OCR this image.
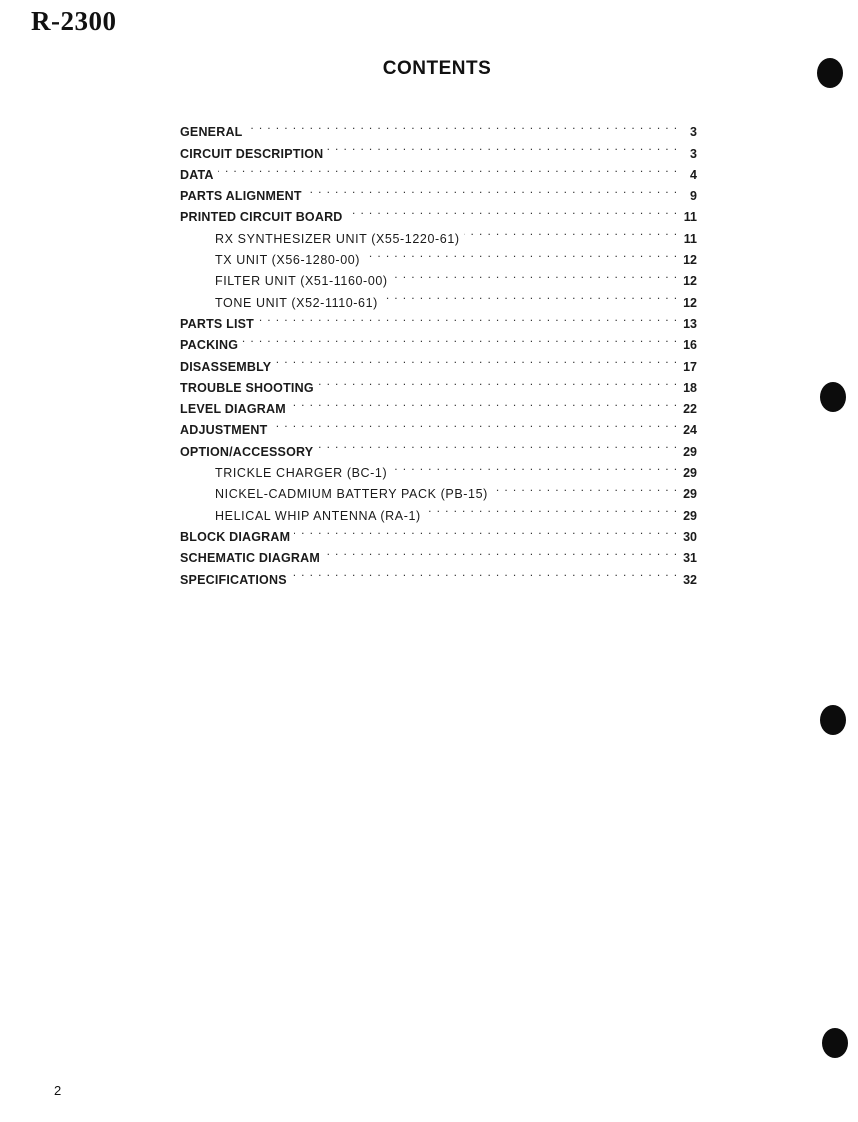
R-2300
CONTENTS
GENERAL . . .	3
CIRCUIT DESCRIPTION . . .	3
DATA . . .	4
PARTS ALIGNMENT . . .	9
PRINTED CIRCUIT BOARD . . .	11
RX SYNTHESIZER UNIT (X55-1220-61) . . .	11
TX UNIT (X56-1280-00) . . .	12
FILTER UNIT (X51-1160-00) . . .	12
TONE UNIT (X52-1110-61) . . .	12
PARTS LIST . . .	13
PACKING . . .	16
DISASSEMBLY . . .	17
TROUBLE SHOOTING . . .	18
LEVEL DIAGRAM . . .	22
ADJUSTMENT . . .	24
OPTION/ACCESSORY . . .	29
TRICKLE CHARGER (BC-1) . . .	29
NICKEL-CADMIUM BATTERY PACK (PB-15) . . .	29
HELICAL WHIP ANTENNA (RA-1) . . .	29
BLOCK DIAGRAM . . .	30
SCHEMATIC DIAGRAM . . .	31
SPECIFICATIONS . . .	32
2
